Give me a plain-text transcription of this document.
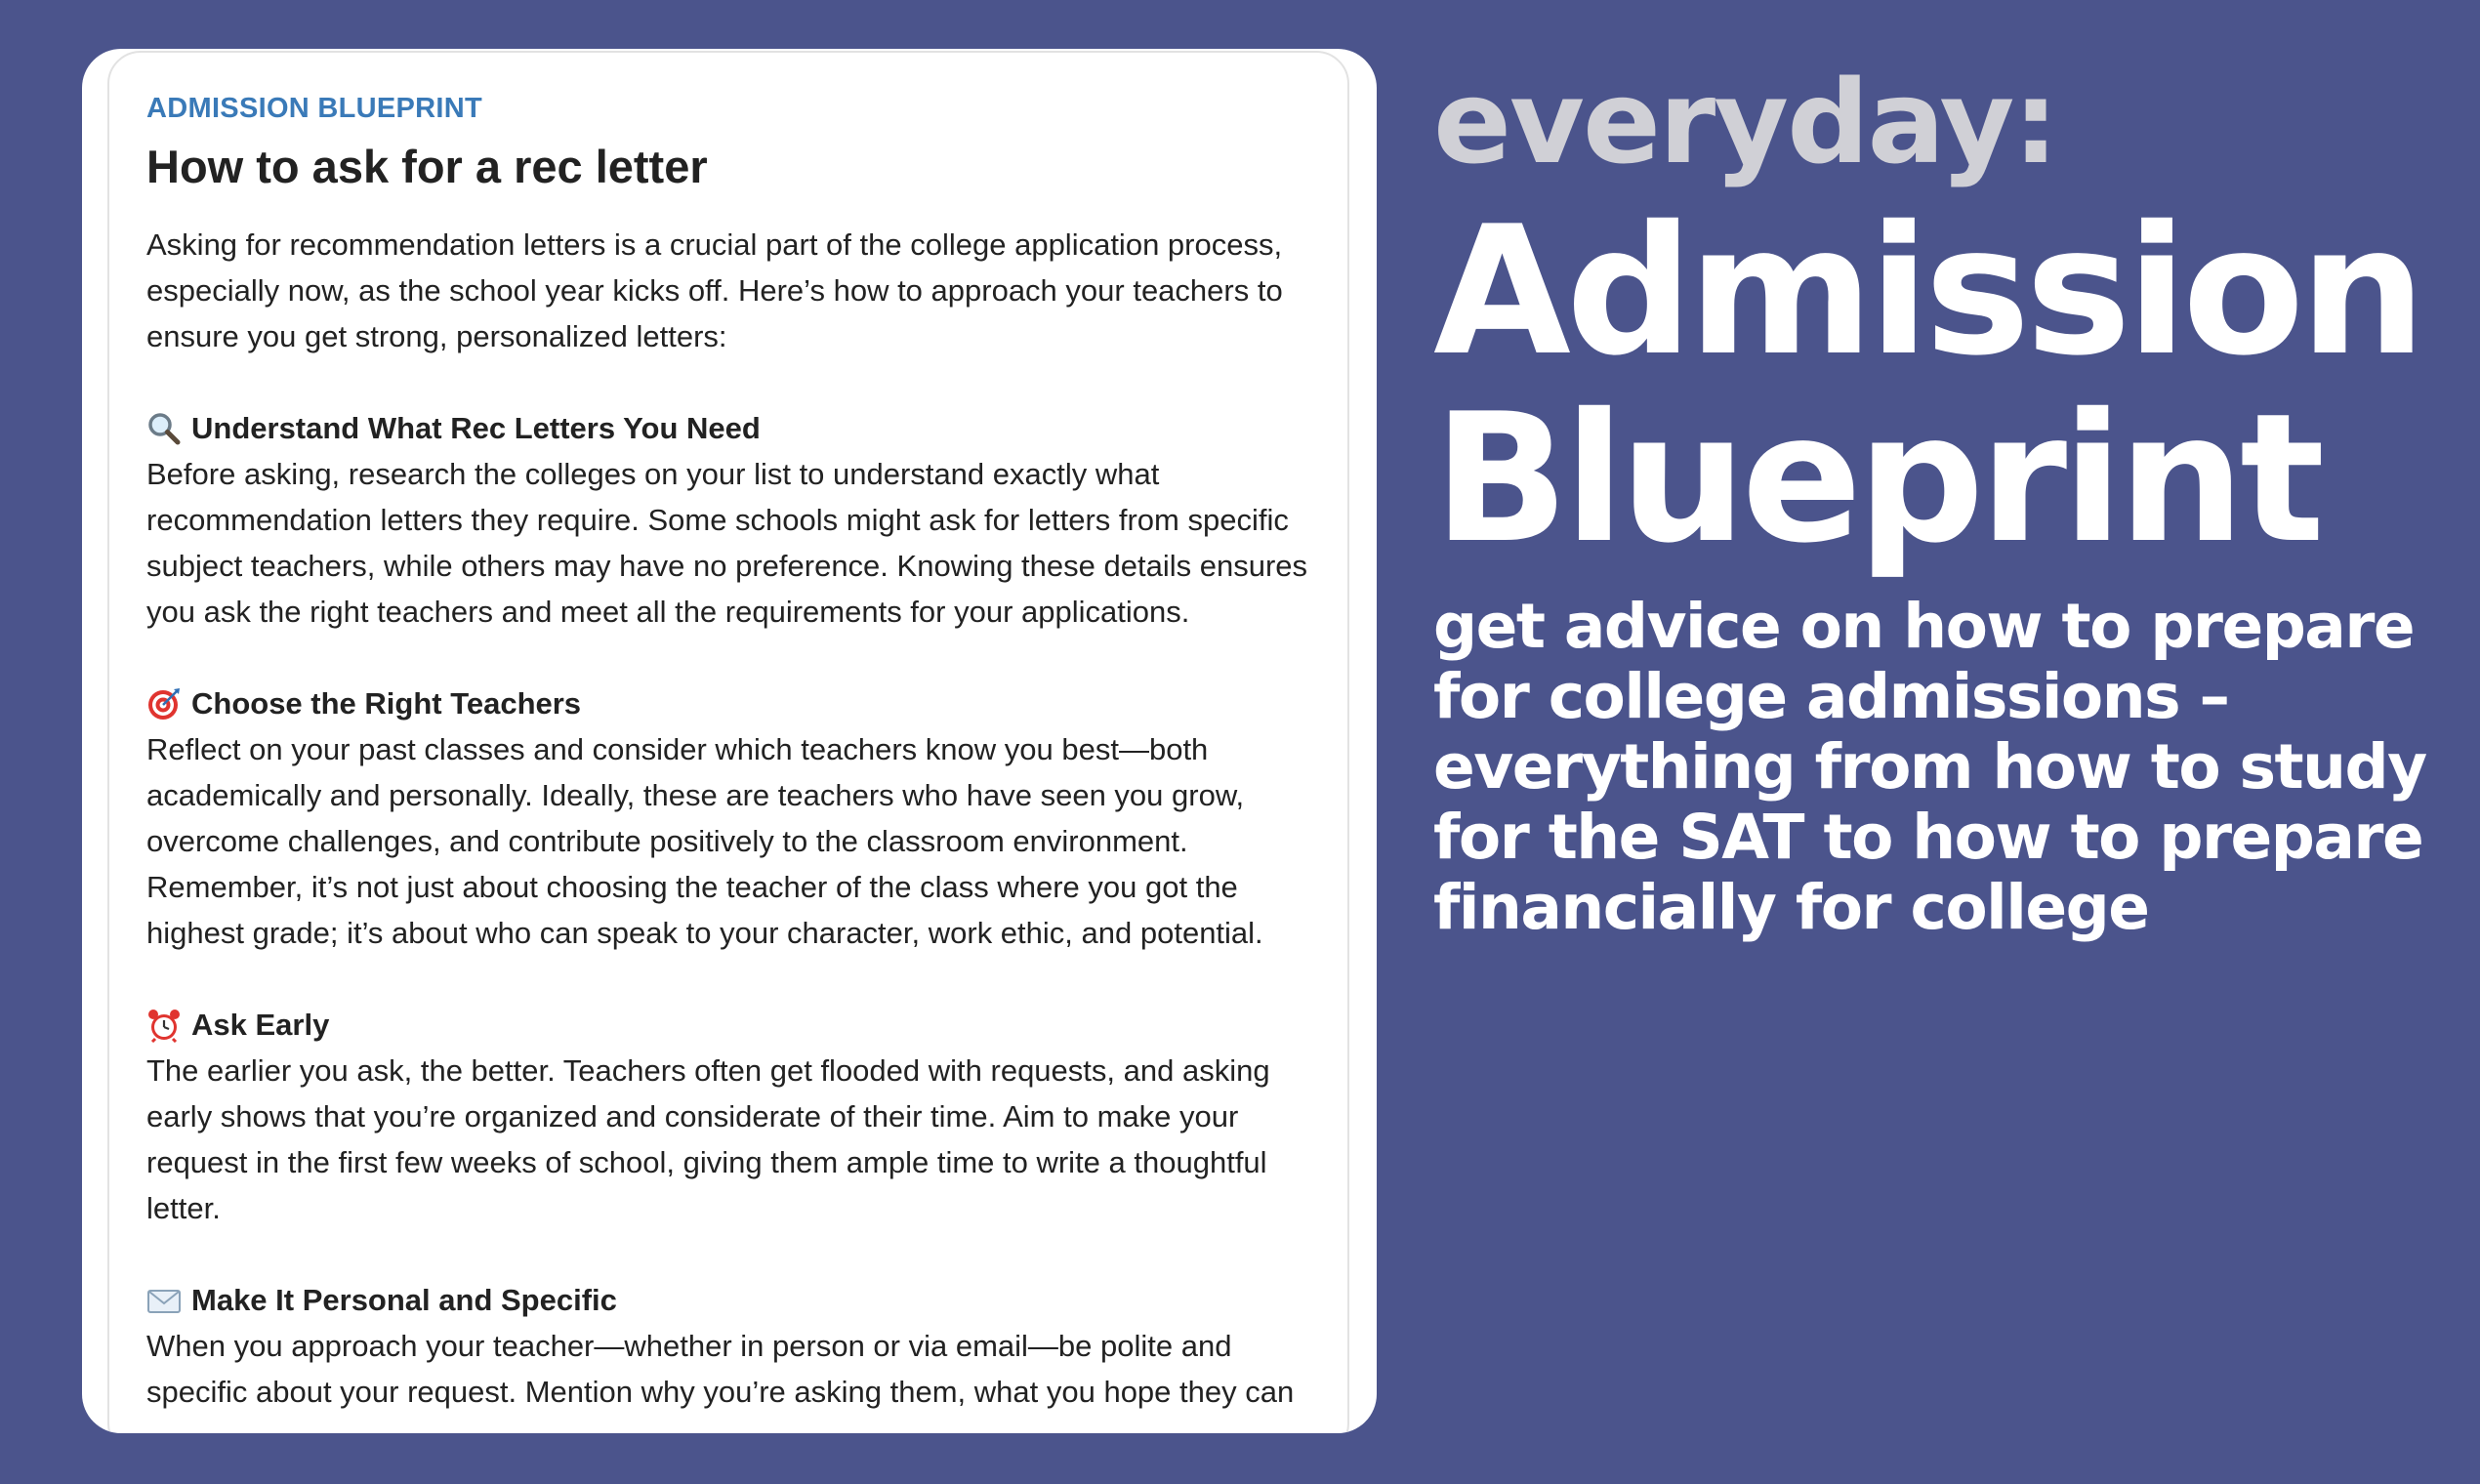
ADMISSION BLUEPRINT

How to ask for a rec letter

Asking for recommendation letters is a crucial part of the college application process, especially now, as the school year kicks off. Here’s how to approach your teachers to ensure you get strong, personalized letters:

Understand What Rec Letters You Need

Before asking, research the colleges on your list to understand exactly what recommendation letters they require. Some schools might ask for letters from specific subject teachers, while others may have no preference. Knowing these details ensures you ask the right teachers and meet all the requirements for your applications.

Choose the Right Teachers

Reflect on your past classes and consider which teachers know you best—both academically and personally. Ideally, these are teachers who have seen you grow, overcome challenges, and contribute positively to the classroom environment. Remember, it’s not just about choosing the teacher of the class where you got the highest grade; it’s about who can speak to your character, work ethic, and potential.

Ask Early

The earlier you ask, the better. Teachers often get flooded with requests, and asking early shows that you’re organized and considerate of their time. Aim to make your request in the first few weeks of school, giving them ample time to write a thoughtful letter.

Make It Personal and Specific

When you approach your teacher—whether in person or via email—be polite and specific about your request. Mention why you’re asking them, what you hope they can

everyday:

Admission Blueprint

get advice on how to prepare for college admissions – everything from how to study for the SAT to how to prepare financially for college
